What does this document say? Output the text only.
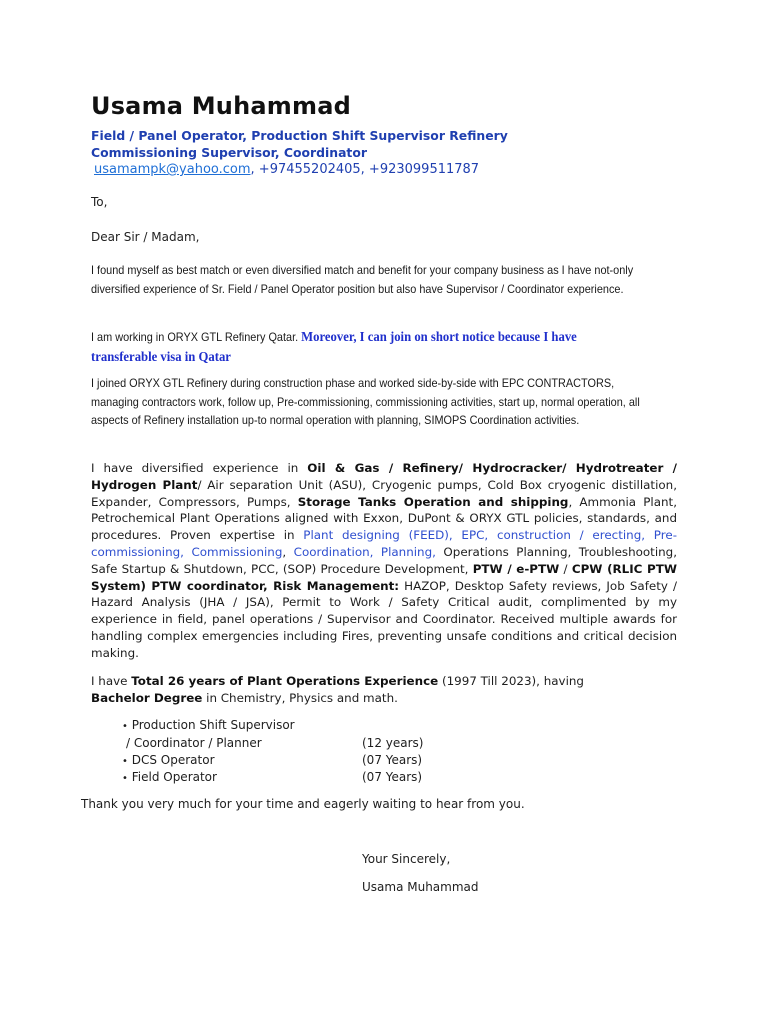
Usama Muhammad
Field / Panel Operator, Production Shift Supervisor Refinery
Commissioning Supervisor, Coordinator
usamampk@yahoo.com, +97455202405, +923099511787
To,
Dear Sir / Madam,

I found myself as best match or even diversified match and benefit for your company business as I have not-only diversified experience of Sr. Field / Panel Operator position but also have Supervisor / Coordinator experience.

I am working in ORYX GTL Refinery Qatar. Moreover, I can join on short notice because I have transferable visa in Qatar

I joined ORYX GTL Refinery during construction phase and worked side-by-side with EPC CONTRACTORS, managing contractors work, follow up, Pre-commissioning, commissioning activities, start up, normal operation, all aspects of Refinery installation up-to normal operation with planning, SIMOPS Coordination activities.

I have diversified experience in Oil & Gas / Refinery/ Hydrocracker/ Hydrotreater / Hydrogen Plant/ Air separation Unit (ASU), Cryogenic pumps, Cold Box cryogenic distillation, Expander, Compressors, Pumps, Storage Tanks Operation and shipping, Ammonia Plant, Petrochemical Plant Operations aligned with Exxon, DuPont & ORYX GTL policies, standards, and procedures. Proven expertise in Plant designing (FEED), EPC, construction / erecting, Pre-commissioning, Commissioning, Coordination, Planning, Operations Planning, Troubleshooting, Safe Startup & Shutdown, PCC, (SOP) Procedure Development, PTW / e-PTW / CPW (RLIC PTW System) PTW coordinator, Risk Management: HAZOP, Desktop Safety reviews, Job Safety / Hazard Analysis (JHA / JSA), Permit to Work / Safety Critical audit, complimented by my experience in field, panel operations / Supervisor and Coordinator. Received multiple awards for handling complex emergencies including Fires, preventing unsafe conditions and critical decision making.
I have Total 26 years of Plant Operations Experience (1997 Till 2023), having
Bachelor Degree in Chemistry, Physics and math.
• Production Shift Supervisor
/ Coordinator / Planner	(12 years)
• DCS Operator	(07 Years)
• Field Operator	(07 Years)
Thank you very much for your time and eagerly waiting to hear from you.
Your Sincerely,
Usama Muhammad
